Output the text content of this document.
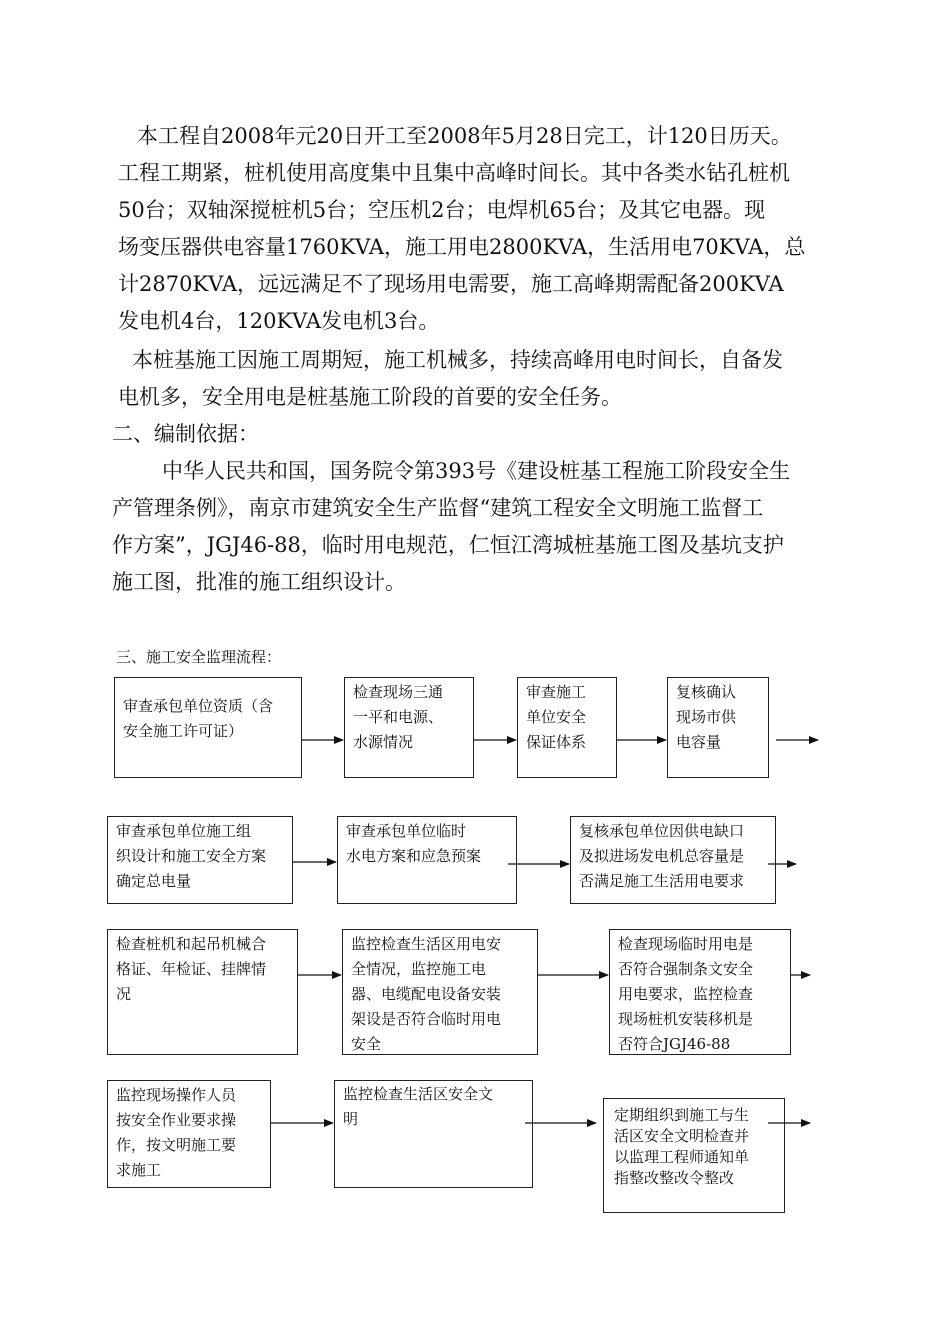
本工程自2008年元20日开工至2008年5月28日完工，计120日历天。
工程工期紧，桩机使用高度集中且集中高峰时间长。其中各类水钻孔桩机
50台；双轴深搅桩机5台；空压机2台；电焊机65台；及其它电器。现
场变压器供电容量1760KVA，施工用电2800KVA，生活用电70KVA，总
计2870KVA，远远满足不了现场用电需要，施工高峰期需配备200KVA
发电机4台，120KVA发电机3台。
本桩基施工因施工周期短，施工机械多，持续高峰用电时间长，自备发
电机多，安全用电是桩基施工阶段的首要的安全任务。
二、编制依据：
中华人民共和国，国务院令第393号《建设桩基工程施工阶段安全生
产管理条例》，南京市建筑安全生产监督“建筑工程安全文明施工监督工
作方案”，JGJ46-88，临时用电规范，仁恒江湾城桩基施工图及基坑支护
施工图，批准的施工组织设计。
三、施工安全监理流程：
审查承包单位资质（含
安全施工许可证）
检查现场三通
一平和电源、
水源情况
审查施工
单位安全
保证体系
复核确认
现场市供
电容量
审查承包单位施工组
织设计和施工安全方案
确定总电量
审查承包单位临时
水电方案和应急预案
复核承包单位因供电缺口
及拟进场发电机总容量是
否满足施工生活用电要求
检查桩机和起吊机械合
格证、年检证、挂牌情
况
监控检查生活区用电安
全情况，监控施工电
器、电缆配电设备安装
架设是否符合临时用电
安全
检查现场临时用电是
否符合强制条文安全
用电要求，监控检查
现场桩机安装移机是
否符合JGJ46-88
监控现场操作人员
按安全作业要求操
作，按文明施工要
求施工
监控检查生活区安全文
明	定期组织到施工与生
活区安全文明检查并
以监理工程师通知单
指整改整改令整改
